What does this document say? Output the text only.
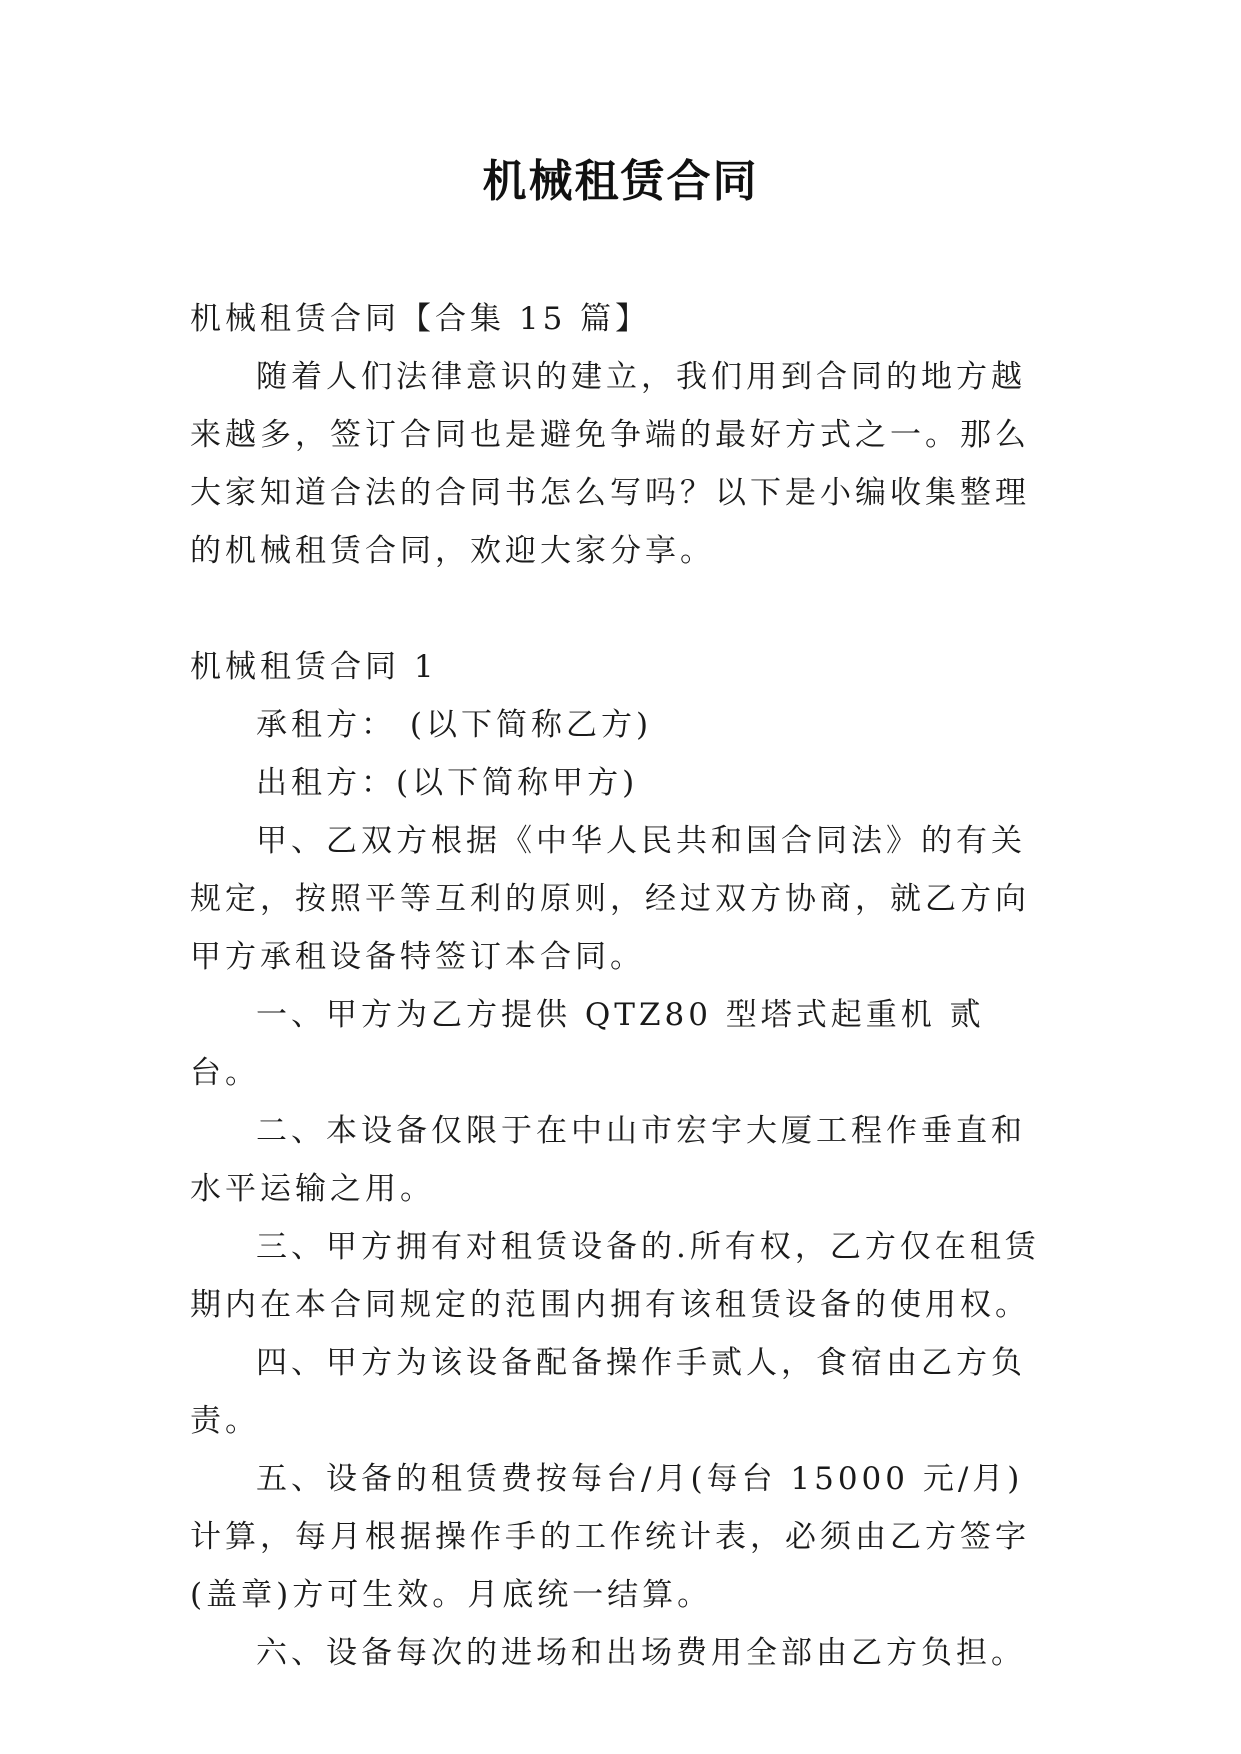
机械租赁合同

机械租赁合同【合集 15 篇】

随着人们法律意识的建立，我们用到合同的地方越来越多，签订合同也是避免争端的最好方式之一。那么大家知道合法的合同书怎么写吗？以下是小编收集整理的机械租赁合同，欢迎大家分享。

机械租赁合同 1

承租方： (以下简称乙方)

出租方：(以下简称甲方)

甲、乙双方根据《中华人民共和国合同法》的有关规定，按照平等互利的原则，经过双方协商，就乙方向甲方承租设备特签订本合同。

一、甲方为乙方提供 QTZ80 型塔式起重机 贰 台。

二、本设备仅限于在中山市宏宇大厦工程作垂直和水平运输之用。

三、甲方拥有对租赁设备的.所有权，乙方仅在租赁期内在本合同规定的范围内拥有该租赁设备的使用权。

四、甲方为该设备配备操作手贰人，食宿由乙方负责。

五、设备的租赁费按每台/月(每台 15000 元/月)计算，每月根据操作手的工作统计表，必须由乙方签字(盖章)方可生效。月底统一结算。

六、设备每次的进场和出场费用全部由乙方负担。
